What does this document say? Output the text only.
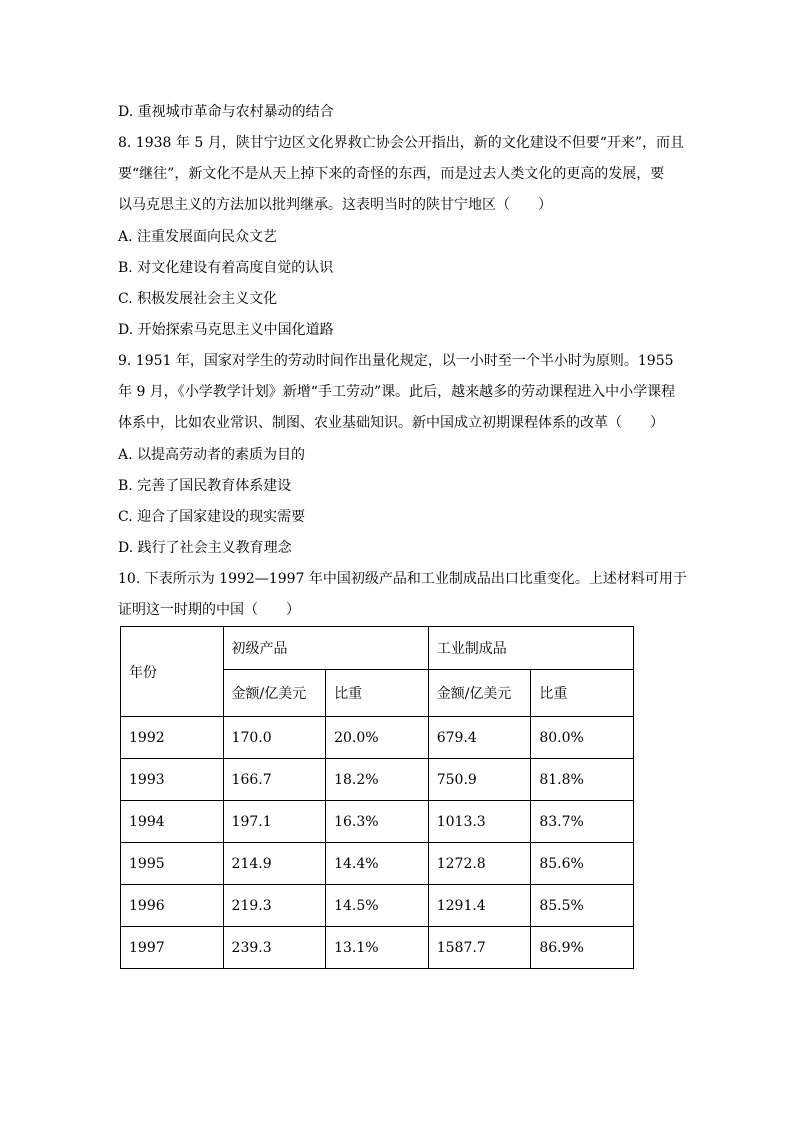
D. 重视城市革命与农村暴动的结合
8. 1938 年 5 月，陕甘宁边区文化界救亡协会公开指出，新的文化建设不但要“开来”，而且
要“继往”，新文化不是从天上掉下来的奇怪的东西，而是过去人类文化的更高的发展，要
以马克思主义的方法加以批判继承。这表明当时的陕甘宁地区（　　）
A. 注重发展面向民众文艺
B. 对文化建设有着高度自觉的认识
C. 积极发展社会主义文化
D. 开始探索马克思主义中国化道路
9. 1951 年，国家对学生的劳动时间作出量化规定，以一小时至一个半小时为原则。1955
年 9 月，《小学教学计划》新增“手工劳动”课。此后，越来越多的劳动课程进入中小学课程
体系中，比如农业常识、制图、农业基础知识。新中国成立初期课程体系的改革（　　）
A. 以提高劳动者的素质为目的
B. 完善了国民教育体系建设
C. 迎合了国家建设的现实需要
D. 践行了社会主义教育理念
10. 下表所示为 1992—1997 年中国初级产品和工业制成品出口比重变化。上述材料可用于
证明这一时期的中国（　　）
年份	初级产品		工业制成品	
	金额/亿美元	比重	金额/亿美元	比重
1992	170.0	20.0%	679.4	80.0%
1993	166.7	18.2%	750.9	81.8%
1994	197.1	16.3%	1013.3	83.7%
1995	214.9	14.4%	1272.8	85.6%
1996	219.3	14.5%	1291.4	85.5%
1997	239.3	13.1%	1587.7	86.9%
